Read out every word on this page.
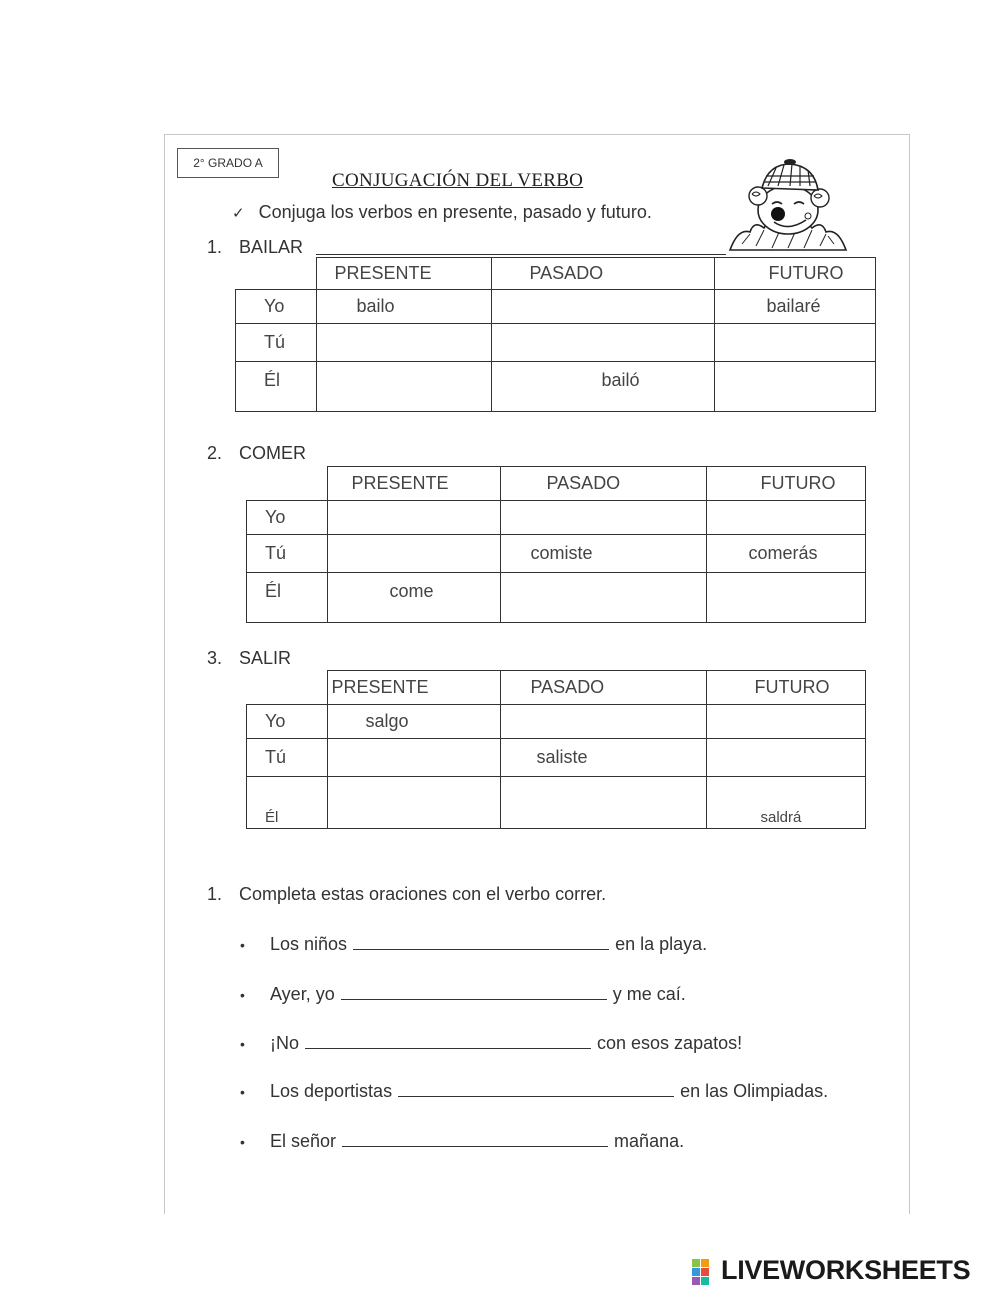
2° GRADO A
CONJUGACIÓN DEL VERBO
✓ Conjuga los verbos en presente, pasado y futuro.
1. BAILAR
	PRESENTE	PASADO	FUTURO
Yo	bailo		bailaré
Tú			
Él		bailó	
2. COMER
	PRESENTE	PASADO	FUTURO
Yo			
Tú		comiste	comerás
Él	come		
3. SALIR
	PRESENTE	PASADO	FUTURO
Yo	salgo		
Tú		saliste	
Él			saldrá
1. Completa estas oraciones con el verbo correr.
• Los niños	en la playa.
• Ayer, yo	y me caí.
• ¡No	con esos zapatos!
• Los deportistas	en las Olimpiadas.
• El señor	mañana.
LIVEWORKSHEETS
